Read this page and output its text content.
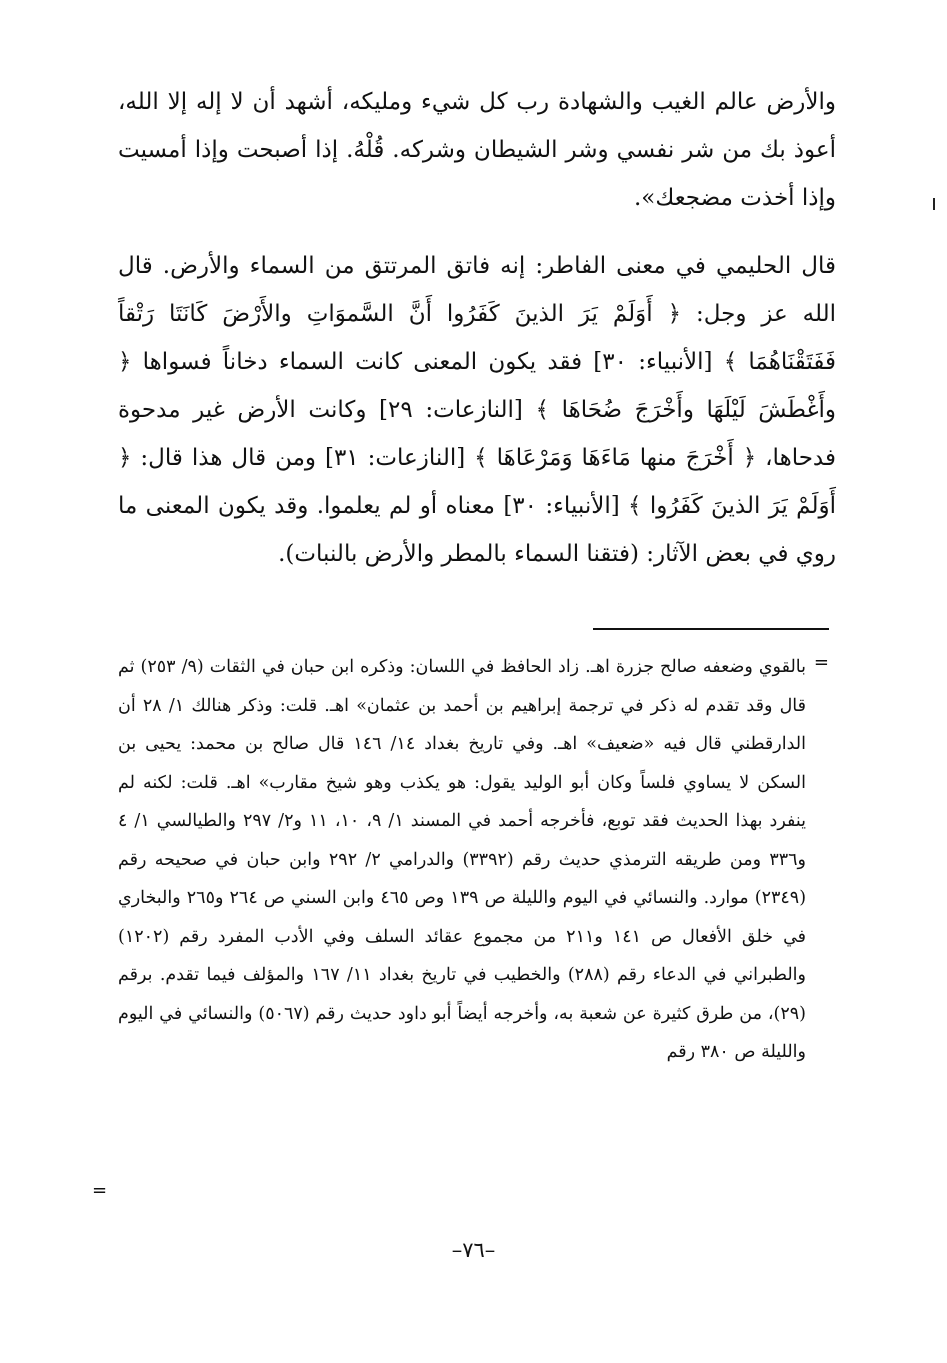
والأرض عالم الغيب والشهادة رب كل شيء ومليكه، أشهد أن لا إله إلا الله، أعوذ بك من شر نفسي وشر الشيطان وشركه. قُلْهُ. إذا أصبحت وإذا أمسيت وإذا أخذت مضجعك».

قال الحليمي في معنى الفاطر: إنه فاتق المرتتق من السماء والأرض. قال الله عز وجل: ﴿ أَوَلَمْ يَرَ الذينَ كَفَرُوا أَنَّ السَّموَاتِ والأَرْضَ كَانَتَا رَتْقاً فَفَتَقْنَاهُمَا ﴾ [الأنبياء: ٣٠] فقد يكون المعنى كانت السماء دخاناً فسواها ﴿ وأَغْطَشَ لَيْلَهَا وأَخْرَجَ ضُحَاهَا ﴾ [النازعات: ٢٩] وكانت الأرض غير مدحوة فدحاها، ﴿ أَخْرَجَ منها مَاءَهَا وَمَرْعَاهَا ﴾ [النازعات: ٣١] ومن قال هذا قال: ﴿ أَوَلَمْ يَرَ الذينَ كَفَرُوا ﴾ [الأنبياء: ٣٠] معناه أو لم يعلموا. وقد يكون المعنى ما روي في بعض الآثار: (فتقنا السماء بالمطر والأرض بالنبات).

=

بالقوي وضعفه صالح جزرة اهـ. زاد الحافظ في اللسان: وذكره ابن حبان في الثقات (٩/ ٢٥٣) ثم قال وقد تقدم له ذكر في ترجمة إبراهيم بن أحمد بن عثمان» اهـ. قلت: وذكر هنالك ١/ ٢٨ أن الدارقطني قال فيه «ضعيف» اهـ. وفي تاريخ بغداد ١٤/ ١٤٦ قال صالح بن محمد: يحيى بن السكن لا يساوي فلساً وكان أبو الوليد يقول: هو يكذب وهو شيخ مقارب» اهـ. قلت: لكنه لم ينفرد بهذا الحديث فقد توبع، فأخرجه أحمد في المسند ١/ ٩، ١٠، ١١ و٢/ ٢٩٧ والطيالسي ١/ ٤ و٣٣٦ ومن طريقه الترمذي حديث رقم (٣٣٩٢) والدرامي ٢/ ٢٩٢ وابن حبان في صحيحه رقم (٢٣٤٩) موارد. والنسائي في اليوم والليلة ص ١٣٩ وص ٤٦٥ وابن السني ص ٢٦٤ و٢٦٥ والبخاري في خلق الأفعال ص ١٤١ و٢١١ من مجموع عقائد السلف وفي الأدب المفرد رقم (١٢٠٢) والطبراني في الدعاء رقم (٢٨٨) والخطيب في تاريخ بغداد ١١/ ١٦٧ والمؤلف فيما تقدم. برقم (٢٩)، من طرق كثيرة عن شعبة به، وأخرجه أيضاً أبو داود حديث رقم (٥٠٦٧) والنسائي في اليوم والليلة ص ٣٨٠ رقم

=
–٧٦–
